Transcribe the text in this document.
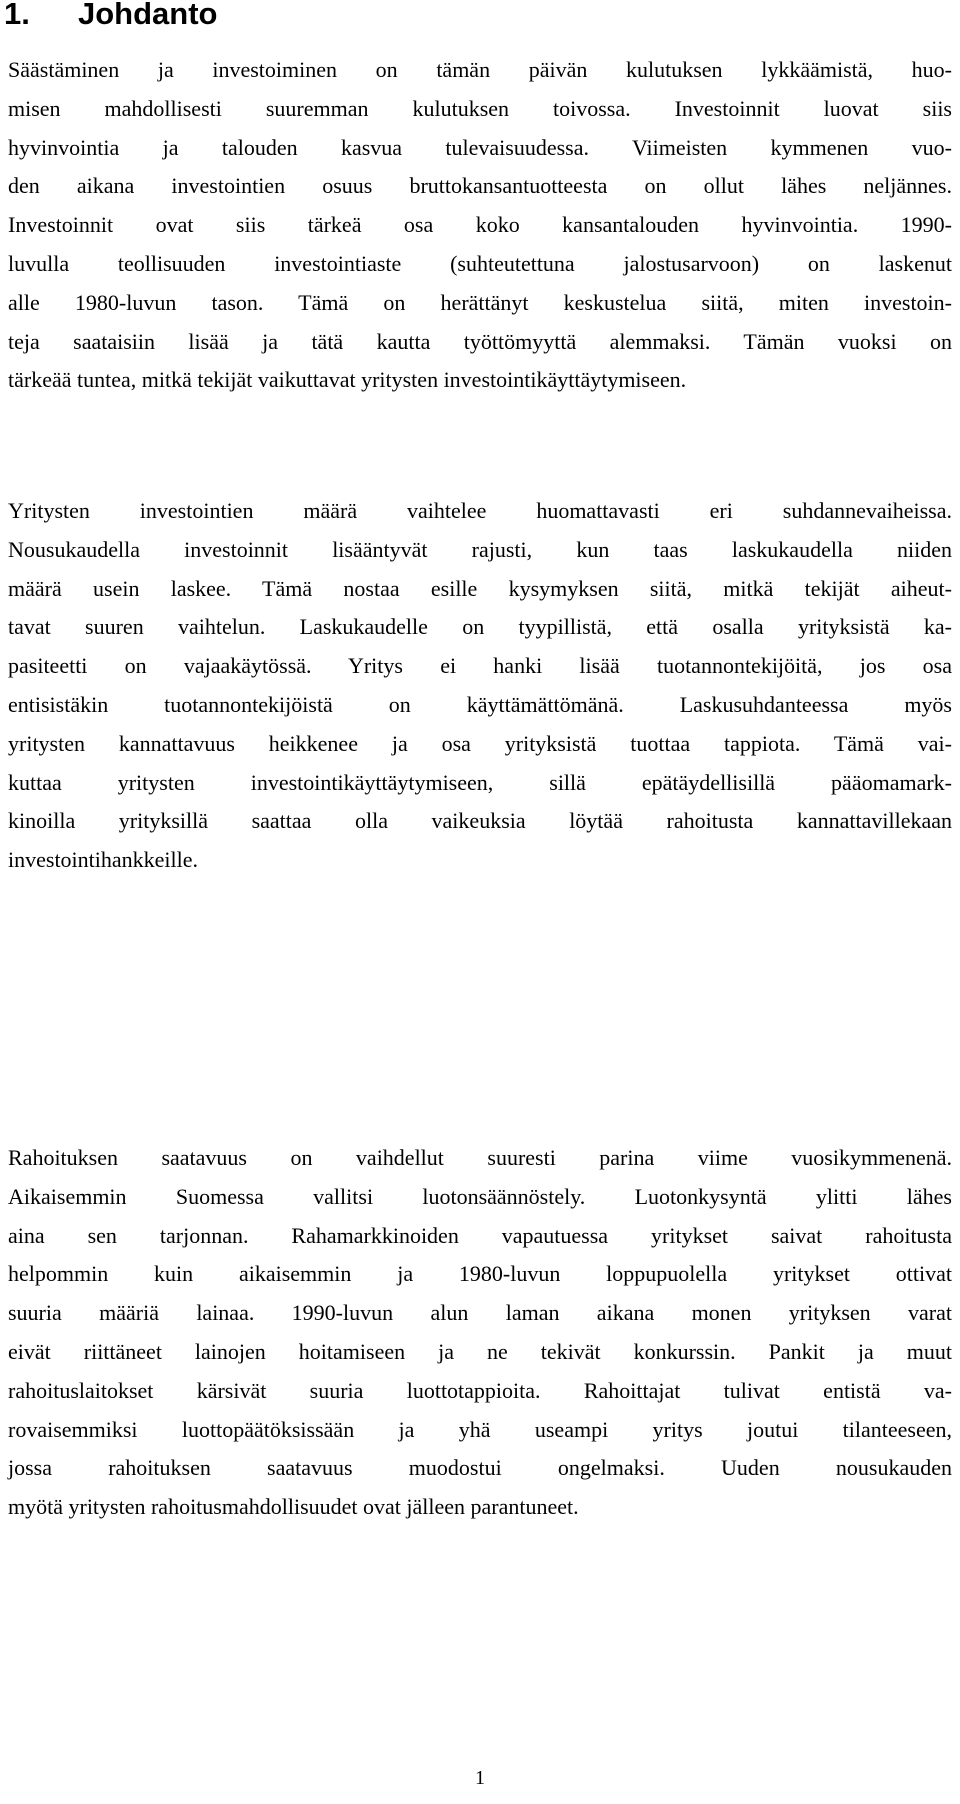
1. Johdanto
Säästäminen ja investoiminen on tämän päivän kulutuksen lykkäämistä, huo-
misen mahdollisesti suuremman kulutuksen toivossa. Investoinnit luovat siis
hyvinvointia ja talouden kasvua tulevaisuudessa. Viimeisten kymmenen vuo-
den aikana investointien osuus bruttokansantuotteesta on ollut lähes neljännes.
Investoinnit ovat siis tärkeä osa koko kansantalouden hyvinvointia. 1990-
luvulla teollisuuden investointiaste (suhteutettuna jalostusarvoon) on laskenut
alle 1980-luvun tason. Tämä on herättänyt keskustelua siitä, miten investoin-
teja saataisiin lisää ja tätä kautta työttömyyttä alemmaksi. Tämän vuoksi on
tärkeää tuntea, mitkä tekijät vaikuttavat yritysten investointikäyttäytymiseen.
Yritysten investointien määrä vaihtelee huomattavasti eri suhdannevaiheissa.
Nousukaudella investoinnit lisääntyvät rajusti, kun taas laskukaudella niiden
määrä usein laskee. Tämä nostaa esille kysymyksen siitä, mitkä tekijät aiheut-
tavat suuren vaihtelun. Laskukaudelle on tyypillistä, että osalla yrityksistä ka-
pasiteetti on vajaakäytössä. Yritys ei hanki lisää tuotannontekijöitä, jos osa
entisistäkin tuotannontekijöistä on käyttämättömänä. Laskusuhdanteessa myös
yritysten kannattavuus heikkenee ja osa yrityksistä tuottaa tappiota. Tämä vai-
kuttaa yritysten investointikäyttäytymiseen, sillä epätäydellisillä pääomamark-
kinoilla yrityksillä saattaa olla vaikeuksia löytää rahoitusta kannattavillekaan
investointihankkeille.
Rahoituksen saatavuus on vaihdellut suuresti parina viime vuosikymmenenä.
Aikaisemmin Suomessa vallitsi luotonsäännöstely. Luotonkysyntä ylitti lähes
aina sen tarjonnan. Rahamarkkinoiden vapautuessa yritykset saivat rahoitusta
helpommin kuin aikaisemmin ja 1980-luvun loppupuolella yritykset ottivat
suuria määriä lainaa. 1990-luvun alun laman aikana monen yrityksen varat
eivät riittäneet lainojen hoitamiseen ja ne tekivät konkurssin. Pankit ja muut
rahoituslaitokset kärsivät suuria luottotappioita. Rahoittajat tulivat entistä va-
rovaisemmiksi luottopäätöksissään ja yhä useampi yritys joutui tilanteeseen,
jossa rahoituksen saatavuus muodostui ongelmaksi. Uuden nousukauden
myötä yritysten rahoitusmahdollisuudet ovat jälleen parantuneet.
1
